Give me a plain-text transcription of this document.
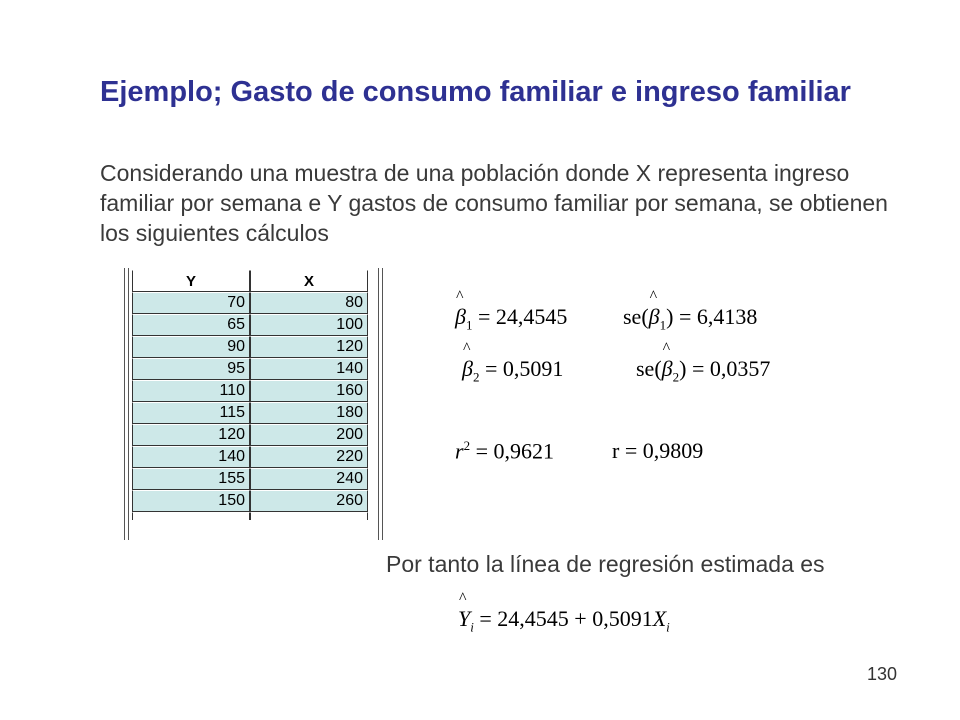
Ejemplo; Gasto de consumo familiar e ingreso familiar

Considerando una muestra de una población donde X representa ingreso familiar por semana e Y gastos de consumo familiar por semana, se obtienen los siguientes cálculos

Y	X
70	80
65	100
90	120
95	140
110	160
115	180
120	200
140	220
155	240
150	260

^ $\beta_1 = 24,4545$	se(^ $\beta_1) = 6,4138$
^ $\beta_2 = 0,5091$	se(^ $\beta_2) = 0,0357$
$r^2 = 0,9621$	r = 0,9809

Por tanto la línea de regresión estimada es

^ $Y_i = 24,4545 + 0,5091X_i$
130
